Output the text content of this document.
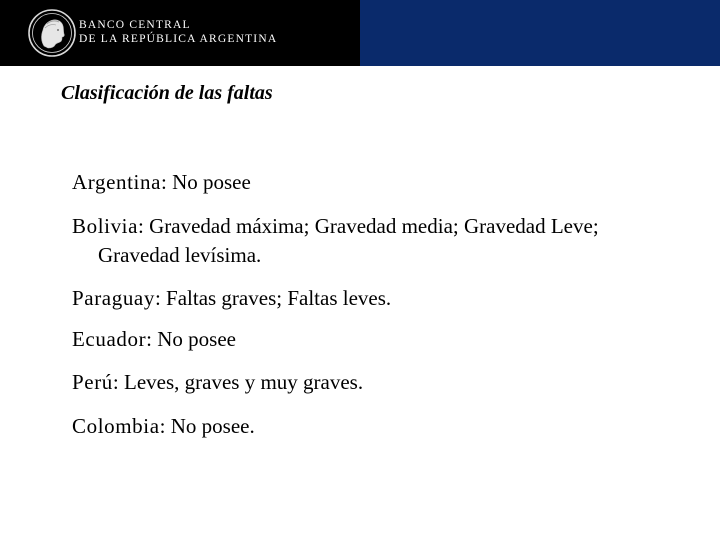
BANCO CENTRAL
DE LA REPÚBLICA ARGENTINA
Clasificación de las faltas
Argentina: No posee
Bolivia: Gravedad máxima; Gravedad media; Gravedad Leve;
Gravedad levísima.
Paraguay: Faltas graves; Faltas leves.
Ecuador: No posee
Perú: Leves, graves y muy graves.
Colombia: No posee.
